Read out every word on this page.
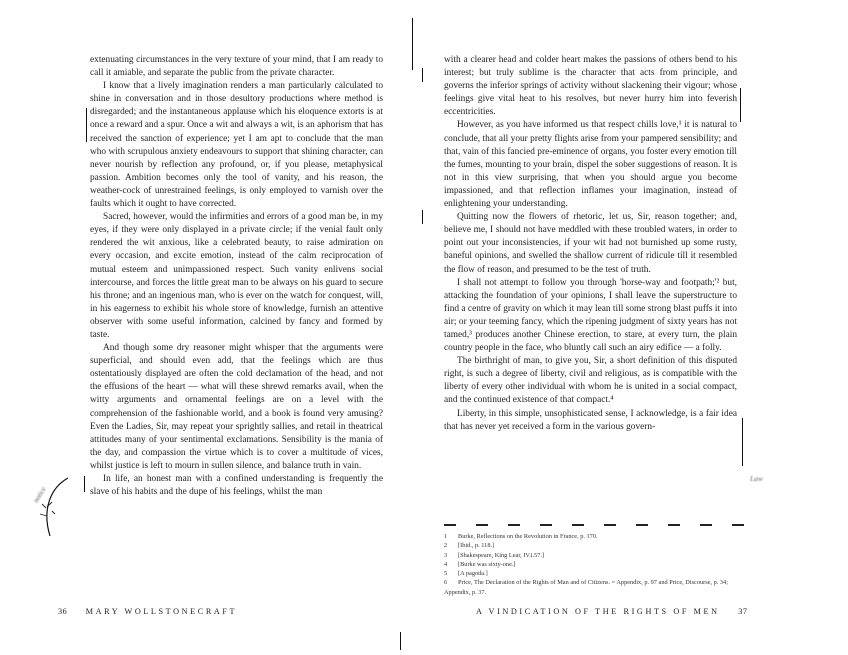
extenuating circumstances in the very texture of your mind, that I am ready to call it amiable, and separate the public from the private character.

I know that a lively imagination renders a man particularly calculated to shine in conversation and in those desultory productions where method is disregarded; and the instantaneous applause which his eloquence extorts is at once a reward and a spur. Once a wit and always a wit, is an aphorism that has received the sanction of experience; yet I am apt to conclude that the man who with scrupulous anxiety endeavours to support that shining character, can never nourish by reflection any profound, or, if you please, metaphysical passion. Ambition becomes only the tool of vanity, and his reason, the weather-cock of unrestrained feelings, is only employed to varnish over the faults which it ought to have corrected.

Sacred, however, would the infirmities and errors of a good man be, in my eyes, if they were only displayed in a private circle; if the venial fault only rendered the wit anxious, like a celebrated beauty, to raise admiration on every occasion, and excite emotion, instead of the calm reciprocation of mutual esteem and unimpassioned respect. Such vanity enlivens social intercourse, and forces the little great man to be always on his guard to secure his throne; and an ingenious man, who is ever on the watch for conquest, will, in his eagerness to exhibit his whole store of knowledge, furnish an attentive observer with some useful information, calcined by fancy and formed by taste.

And though some dry reasoner might whisper that the arguments were superficial, and should even add, that the feelings which are thus ostentatiously displayed are often the cold declamation of the head, and not the effusions of the heart — what will these shrewd remarks avail, when the witty arguments and ornamental feelings are on a level with the comprehension of the fashionable world, and a book is found very amusing? Even the Ladies, Sir, may repeat your sprightly sallies, and retail in theatrical attitudes many of your sentimental exclamations. Sensibility is the mania of the day, and compassion the virtue which is to cover a multitude of vices, whilst justice is left to mourn in sullen silence, and balance truth in vain.

In life, an honest man with a confined understanding is frequently the slave of his habits and the dupe of his feelings, whilst the man

notice
36 MARY WOLLSTONECRAFT

with a clearer head and colder heart makes the passions of others bend to his interest; but truly sublime is the character that acts from principle, and governs the inferior springs of activity without slackening their vigour; whose feelings give vital heat to his resolves, but never hurry him into feverish eccentricities.

However, as you have informed us that respect chills love,¹ it is natural to conclude, that all your pretty flights arise from your pampered sensibility; and that, vain of this fancied pre-eminence of organs, you foster every emotion till the fumes, mounting to your brain, dispel the sober suggestions of reason. It is not in this view surprising, that when you should argue you become impassioned, and that reflection inflames your imagination, instead of enlightening your understanding.

Quitting now the flowers of rhetoric, let us, Sir, reason together; and, believe me, I should not have meddled with these troubled waters, in order to point out your inconsistencies, if your wit had not burnished up some rusty, baneful opinions, and swelled the shallow current of ridicule till it resembled the flow of reason, and presumed to be the test of truth.

I shall not attempt to follow you through 'horse-way and footpath;'² but, attacking the foundation of your opinions, I shall leave the superstructure to find a centre of gravity on which it may lean till some strong blast puffs it into air; or your teeming fancy, which the ripening judgment of sixty years has not tamed,³ produces another Chinese erection, to stare, at every turn, the plain country people in the face, who bluntly call such an airy edifice — a folly.

The birthright of man, to give you, Sir, a short definition of this disputed right, is such a degree of liberty, civil and religious, as is compatible with the liberty of every other individual with whom he is united in a social compact, and the continued existence of that compact.⁴

Liberty, in this simple, unsophisticated sense, I acknowledge, is a fair idea that has never yet received a form in the various govern-

1 Burke, Reflections on the Revolution in France, p. 170.
2 [Ibid., p. 118.]
3 [Shakespeare, King Lear, IV.i.57.]
4 [Burke was sixty-one.]
5 [A pagoda.]
6 Price, The Declaration of the Rights of Man and of Citizens. = Appendix, p. 97 and Price, Discourse, p. 34; Appendix, p. 37.
Law
A VINDICATION OF THE RIGHTS OF MEN 37
